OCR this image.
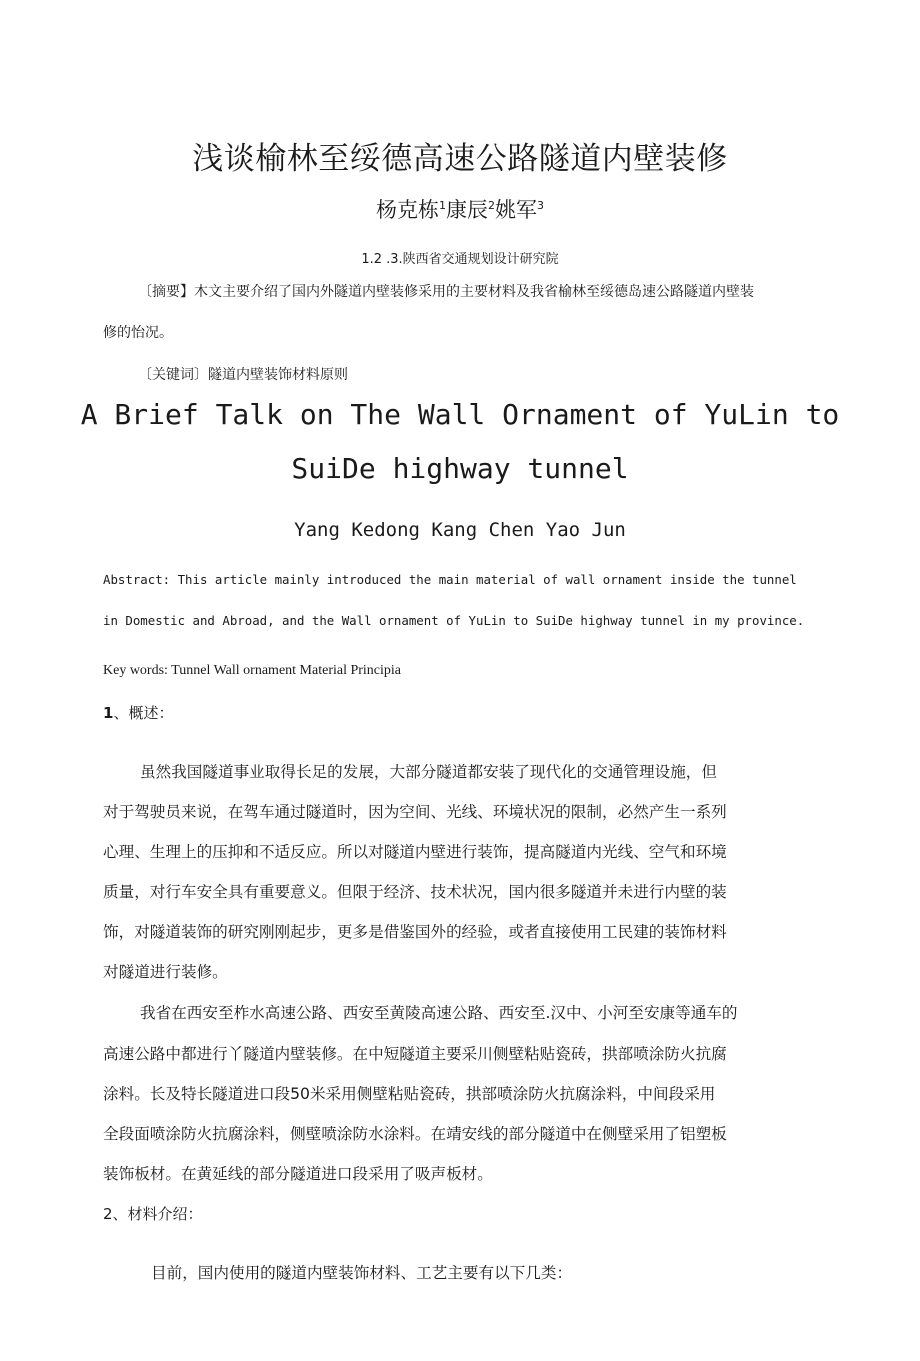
浅谈榆林至绥德高速公路隧道内壁装修
杨克栋$^1$康辰$^2$姚军$^3$
1.2 .3.陕西省交通规划设计研究院
〔摘要】木文主要介绍了国内外隧道内壁装修采用的主要材料及我省榆林至绥德岛速公路隧道内壁装
修的怡况。
〔关键词〕隧道内壁装饰材料原则
A Brief Talk on The Wall Ornament of YuLin to
SuiDe highway tunnel
Yang Kedong Kang Chen Yao Jun
Abstract: This article mainly introduced the main material of wall ornament inside the tunnel
in Domestic and Abroad, and the Wall ornament of YuLin to SuiDe highway tunnel in my province.
Key words: Tunnel Wall ornament Material Principia
1、概述：
虽然我国隧道事业取得长足的发展，大部分隧道都安装了现代化的交通管理设施，但
对于驾驶员来说，在驾车通过隧道时，因为空间、光线、环境状况的限制，必然产生一系列
心理、生理上的压抑和不适反应。所以对隧道内壁进行装饰，提高隧道内光线、空气和环境
质量，对行车安全具有重要意义。但限于经济、技术状况，国内很多隧道并未进行内壁的装
饰，对隧道装饰的研究刚刚起步，更多是借鉴国外的经验，或者直接使用工民建的装饰材料
对隧道进行装修。
我省在西安至柞水高速公路、西安至黄陵高速公路、西安至.汉中、小河至安康等通车的
高速公路中都进行丫隧道内壁装修。在中短隧道主要采川侧壁粘贴瓷砖，拱部喷涂防火抗腐
涂料。长及特长隧道进口段50米采用侧壁粘贴瓷砖，拱部喷涂防火抗腐涂料，中间段采用
全段面喷涂防火抗腐涂料，侧壁喷涂防水涂料。在靖安线的部分隧道中在侧壁采用了铝塑板
装饰板材。在黄延线的部分隧道进口段采用了吸声板材。
2、材料介绍：
目前，国内使用的隧道内壁装饰材料、工艺主要有以下几类：
